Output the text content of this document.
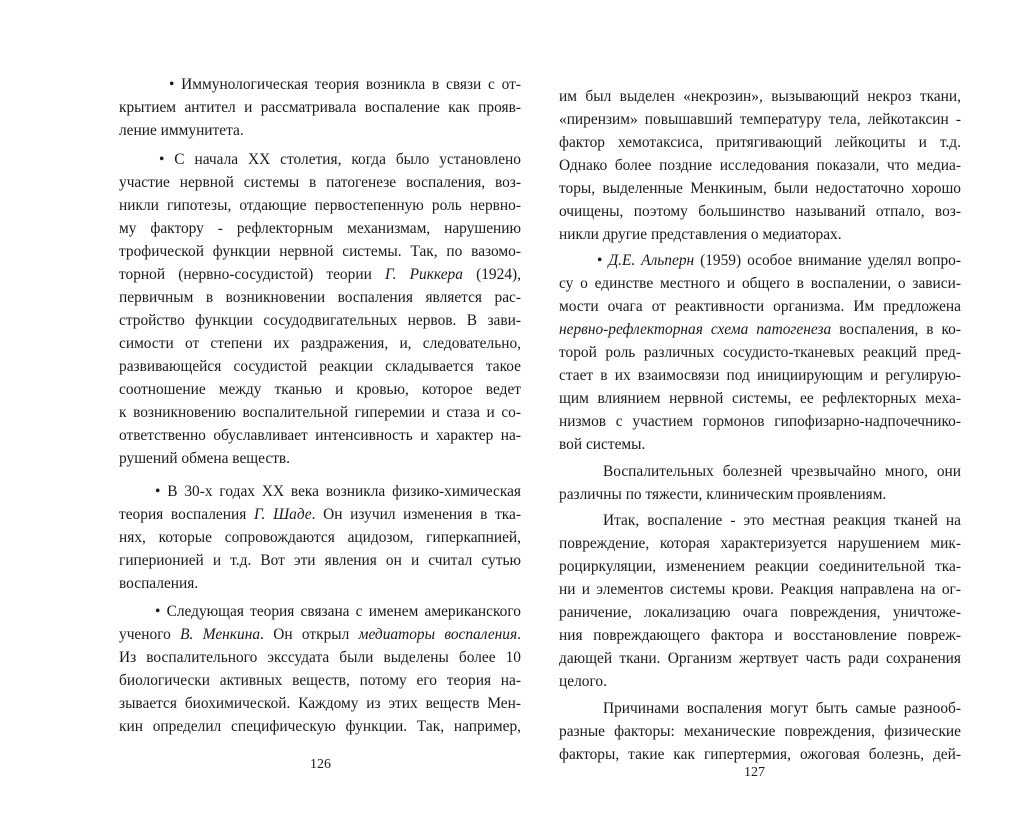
• Иммунологическая теория возникла в связи с от-
крытием антител и рассматривала воспаление как прояв-
ление иммунитета.
• С начала XX столетия, когда было установлено
участие нервной системы в патогенезе воспаления, воз-
никли гипотезы, отдающие первостепенную роль нервно-
му фактору - рефлекторным механизмам, нарушению
трофической функции нервной системы. Так, по вазомо-
торной (нервно-сосудистой) теории Г. Риккера (1924),
первичным в возникновении воспаления является рас-
стройство функции сосудодвигательных нервов. В зави-
симости от степени их раздражения, и, следовательно,
развивающейся сосудистой реакции складывается такое
соотношение между тканью и кровью, которое ведет
к возникновению воспалительной гиперемии и стаза и со-
ответственно обуславливает интенсивность и характер на-
рушений обмена веществ.
• В 30-х годах XX века возникла физико-химическая
теория воспаления Г. Шаде. Он изучил изменения в тка-
нях, которые сопровождаются ацидозом, гиперкапнией,
гиперионией и т.д. Вот эти явления он и считал сутью
воспаления.
• Следующая теория связана с именем американского
ученого В. Менкина. Он открыл медиаторы воспаления.
Из воспалительного экссудата были выделены более 10
биологически активных веществ, потому его теория на-
зывается биохимической. Каждому из этих веществ Мен-
кин определил специфическую функции. Так, например,
126
им был выделен «некрозин», вызывающий некроз ткани,
«пирензим» повышавший температуру тела, лейкотаксин -
фактор хемотаксиса, притягивающий лейкоциты и т.д.
Однако более поздние исследования показали, что медиа-
торы, выделенные Менкиным, были недостаточно хорошо
очищены, поэтому большинство называний отпало, воз-
никли другие представления о медиаторах.
• Д.Е. Альперн (1959) особое внимание уделял вопро-
су о единстве местного и общего в воспалении, о зависи-
мости очага от реактивности организма. Им предложена
нервно-рефлекторная схема патогенеза воспаления, в ко-
торой роль различных сосудисто-тканевых реакций пред-
стает в их взаимосвязи под инициирующим и регулирую-
щим влиянием нервной системы, ее рефлекторных меха-
низмов с участием гормонов гипофизарно-надпочечнико-
вой системы.
Воспалительных болезней чрезвычайно много, они
различны по тяжести, клиническим проявлениям.
Итак, воспаление - это местная реакция тканей на
повреждение, которая характеризуется нарушением мик-
роциркуляции, изменением реакции соединительной тка-
ни и элементов системы крови. Реакция направлена на ог-
раничение, локализацию очага повреждения, уничтоже-
ния повреждающего фактора и восстановление повреж-
дающей ткани. Организм жертвует часть ради сохранения
целого.
Причинами воспаления могут быть самые разнооб-
разные факторы: механические повреждения, физические
факторы, такие как гипертермия, ожоговая болезнь, дей-
127
